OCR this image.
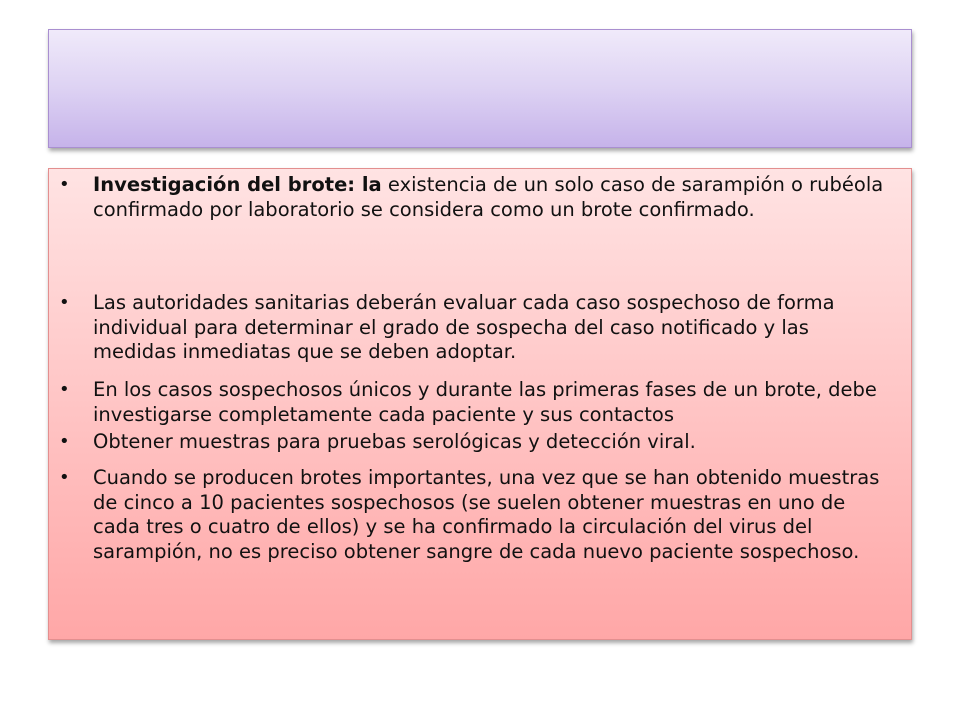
• Investigación del brote: la existencia de un solo caso de sarampión o rubéola confirmado por laboratorio se considera como un brote confirmado.
• Las autoridades sanitarias deberán evaluar cada caso sospechoso de forma individual para determinar el grado de sospecha del caso notificado y las medidas inmediatas que se deben adoptar.
• En los casos sospechosos únicos y durante las primeras fases de un brote, debe investigarse completamente cada paciente y sus contactos
• Obtener muestras para pruebas serológicas y detección viral.
• Cuando se producen brotes importantes, una vez que se han obtenido muestras de cinco a 10 pacientes sospechosos (se suelen obtener muestras en uno de cada tres o cuatro de ellos) y se ha confirmado la circulación del virus del sarampión, no es preciso obtener sangre de cada nuevo paciente sospechoso.
